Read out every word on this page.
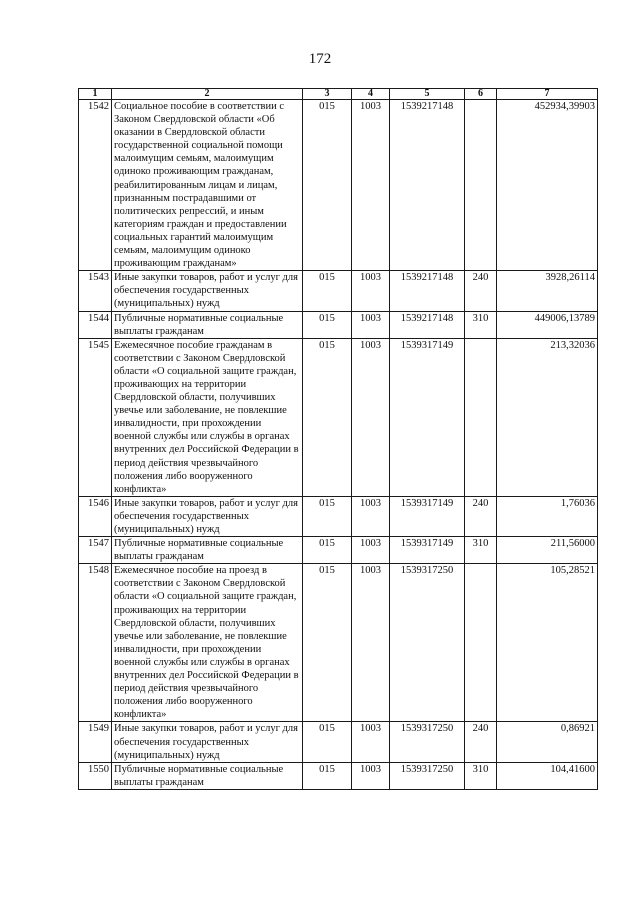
172
1	2	3	4	5	6	7
1542	Социальное пособие в соответствии с Законом Свердловской области «Об оказании в Свердловской области государственной социальной помощи малоимущим семьям, малоимущим одиноко проживающим гражданам, реабилитированным лицам и лицам, признанным пострадавшими от политических репрессий, и иным категориям граждан и предоставлении социальных гарантий малоимущим семьям, малоимущим одиноко проживающим гражданам»	015	1003	1539217148		452934,39903
1543	Иные закупки товаров, работ и услуг для обеспечения государственных (муниципальных) нужд	015	1003	1539217148	240	3928,26114
1544	Публичные нормативные социальные выплаты гражданам	015	1003	1539217148	310	449006,13789
1545	Ежемесячное пособие гражданам в соответствии с Законом Свердловской области «О социальной защите граждан, проживающих на территории Свердловской области, получивших увечье или заболевание, не повлекшие инвалидности, при прохождении военной службы или службы в органах внутренних дел Российской Федерации в период действия чрезвычайного положения либо вооруженного конфликта»	015	1003	1539317149		213,32036
1546	Иные закупки товаров, работ и услуг для обеспечения государственных (муниципальных) нужд	015	1003	1539317149	240	1,76036
1547	Публичные нормативные социальные выплаты гражданам	015	1003	1539317149	310	211,56000
1548	Ежемесячное пособие на проезд в соответствии с Законом Свердловской области «О социальной защите граждан, проживающих на территории Свердловской области, получивших увечье или заболевание, не повлекшие инвалидности, при прохождении военной службы или службы в органах внутренних дел Российской Федерации в период действия чрезвычайного положения либо вооруженного конфликта»	015	1003	1539317250		105,28521
1549	Иные закупки товаров, работ и услуг для обеспечения государственных (муниципальных) нужд	015	1003	1539317250	240	0,86921
1550	Публичные нормативные социальные выплаты гражданам	015	1003	1539317250	310	104,41600
